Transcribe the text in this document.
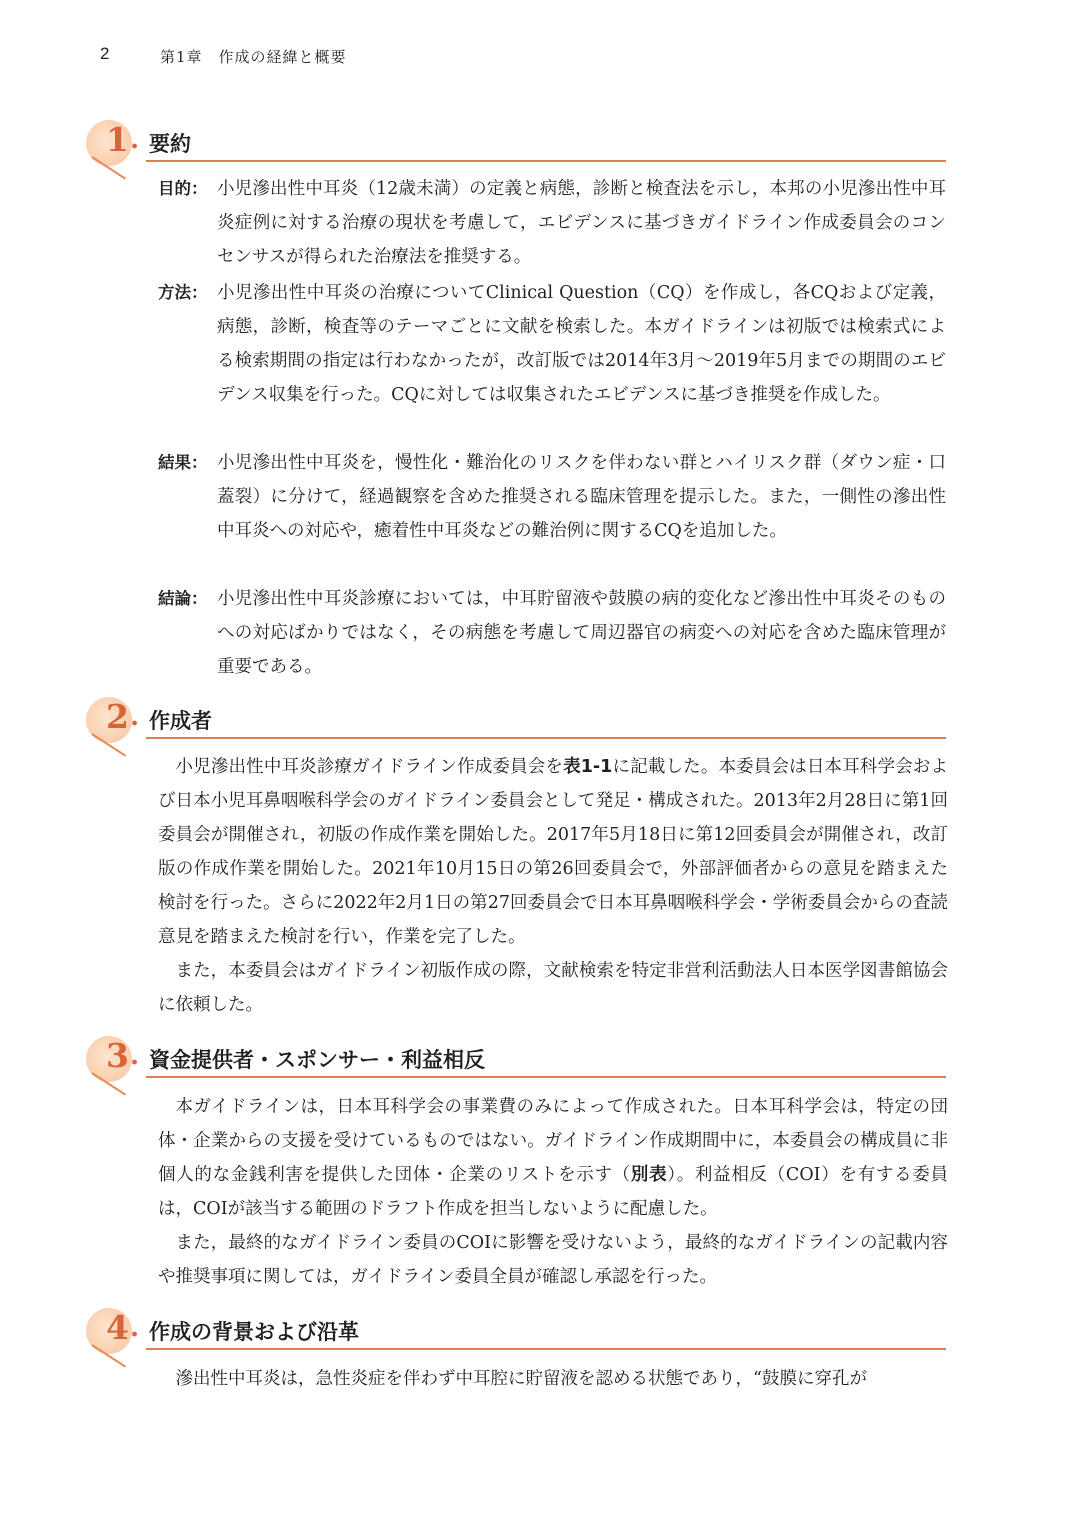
2	第1章　作成の経緯と概要
1 . 要約
目的： 小児滲出性中耳炎（12歳未満）の定義と病態，診断と検査法を示し，本邦の小児滲出性中耳炎症例に対する治療の現状を考慮して，エビデンスに基づきガイドライン作成委員会のコンセンサスが得られた治療法を推奨する。
方法： 小児滲出性中耳炎の治療についてClinical Question（CQ）を作成し，各CQおよび定義，病態，診断，検査等のテーマごとに文献を検索した。本ガイドラインは初版では検索式による検索期間の指定は行わなかったが，改訂版では2014年3月〜2019年5月までの期間のエビデンス収集を行った。CQに対しては収集されたエビデンスに基づき推奨を作成した。
結果： 小児滲出性中耳炎を，慢性化・難治化のリスクを伴わない群とハイリスク群（ダウン症・口蓋裂）に分けて，経過観察を含めた推奨される臨床管理を提示した。また，一側性の滲出性中耳炎への対応や，癒着性中耳炎などの難治例に関するCQを追加した。
結論： 小児滲出性中耳炎診療においては，中耳貯留液や鼓膜の病的変化など滲出性中耳炎そのものへの対応ばかりではなく，その病態を考慮して周辺器官の病変への対応を含めた臨床管理が重要である。
2 . 作成者
小児滲出性中耳炎診療ガイドライン作成委員会を表1-1に記載した。本委員会は日本耳科学会および日本小児耳鼻咽喉科学会のガイドライン委員会として発足・構成された。2013年2月28日に第1回委員会が開催され，初版の作成作業を開始した。2017年5月18日に第12回委員会が開催され，改訂版の作成作業を開始した。2021年10月15日の第26回委員会で，外部評価者からの意見を踏まえた検討を行った。さらに2022年2月1日の第27回委員会で日本耳鼻咽喉科学会・学術委員会からの査読意見を踏まえた検討を行い，作業を完了した。
また，本委員会はガイドライン初版作成の際，文献検索を特定非営利活動法人日本医学図書館協会に依頼した。
3 . 資金提供者・スポンサー・利益相反
本ガイドラインは，日本耳科学会の事業費のみによって作成された。日本耳科学会は，特定の団体・企業からの支援を受けているものではない。ガイドライン作成期間中に，本委員会の構成員に非個人的な金銭利害を提供した団体・企業のリストを示す（別表）。利益相反（COI）を有する委員は，COIが該当する範囲のドラフト作成を担当しないように配慮した。
また，最終的なガイドライン委員のCOIに影響を受けないよう，最終的なガイドラインの記載内容や推奨事項に関しては，ガイドライン委員全員が確認し承認を行った。
4 . 作成の背景および沿革
滲出性中耳炎は，急性炎症を伴わず中耳腔に貯留液を認める状態であり，“鼓膜に穿孔が
